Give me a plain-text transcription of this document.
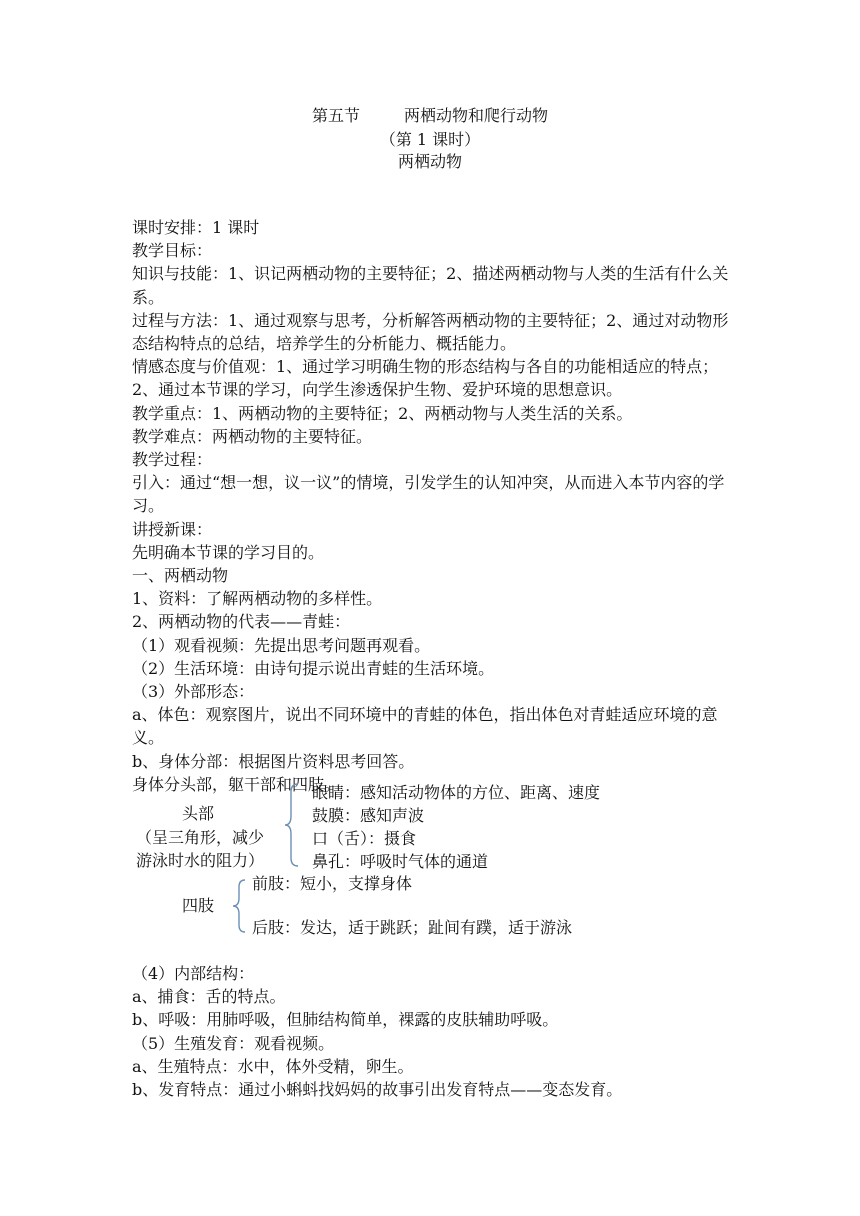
第五节	两栖动物和爬行动物
（第 1 课时）
两栖动物

课时安排：1 课时

教学目标：

知识与技能：1、识记两栖动物的主要特征；2、描述两栖动物与人类的生活有什么关系。

过程与方法：1、通过观察与思考，分析解答两栖动物的主要特征；2、通过对动物形态结构特点的总结，培养学生的分析能力、概括能力。

情感态度与价值观：1、通过学习明确生物的形态结构与各自的功能相适应的特点；2、通过本节课的学习，向学生渗透保护生物、爱护环境的思想意识。

教学重点：1、两栖动物的主要特征；2、两栖动物与人类生活的关系。

教学难点：两栖动物的主要特征。

教学过程：

引入：通过“想一想，议一议”的情境，引发学生的认知冲突，从而进入本节内容的学习。

讲授新课：

先明确本节课的学习目的。

一、两栖动物

1、资料：了解两栖动物的多样性。

2、两栖动物的代表——青蛙：

（1）观看视频：先提出思考问题再观看。

（2）生活环境：由诗句提示说出青蛙的生活环境。

（3）外部形态：

a、体色：观察图片，说出不同环境中的青蛙的体色，指出体色对青蛙适应环境的意义。

b、身体分部：根据图片资料思考回答。

身体分头部，躯干部和四肢。

头部
（呈三角形，减少
游泳时水的阻力）
眼睛：感知活动物体的方位、距离、速度
鼓膜：感知声波
口（舌）：摄食
鼻孔：呼吸时气体的通道
四肢
前肢：短小，支撑身体
后肢：发达，适于跳跃；趾间有蹼，适于游泳

（4）内部结构：

a、捕食：舌的特点。

b、呼吸：用肺呼吸，但肺结构简单，裸露的皮肤辅助呼吸。

（5）生殖发育：观看视频。

a、生殖特点：水中，体外受精，卵生。

b、发育特点：通过小蝌蚪找妈妈的故事引出发育特点——变态发育。
